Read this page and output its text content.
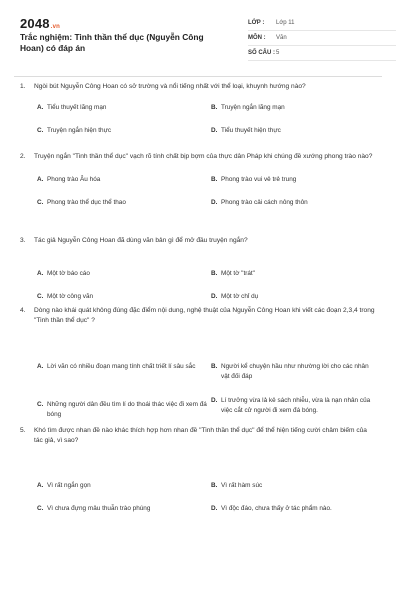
2048.vn
Trắc nghiệm: Tinh thần thể dục (Nguyễn Công Hoan) có đáp án
LỚP :	Lớp 11
MÔN :	Văn
SỐ CÂU : 5
1.	Ngòi bút Nguyễn Công Hoan có sở trường và nổi tiếng nhất với thể loại, khuynh hướng nào?
A. Tiểu thuyết lãng mạn	B. Truyện ngắn lãng mạn
C. Truyện ngắn hiện thực	D. Tiểu thuyết hiện thực
2.	Truyện ngắn "Tinh thần thể dục" vạch rõ tính chất bịp bợm của thực dân Pháp khi chúng đề xướng phong trào nào?
A. Phong trào Âu hóa	B. Phong trào vui vẻ trẻ trung
C. Phong trào thể dục thể thao	D. Phong trào cải cách nông thôn
3.	Tác giả Nguyễn Công Hoan đã dùng văn bản gì để mở đầu truyện ngắn?
A. Một tờ báo cáo	B. Một tờ "trát"
C. Một tờ công văn	D. Một tờ chỉ dụ
4.	Dòng nào khái quát không đúng đặc điểm nội dung, nghệ thuật của Nguyễn Công Hoan khi viết các đoạn 2,3,4 trong "Tinh thần thể dục" ?
A. Lời văn có nhiều đoạn mang tính chất triết lí sâu sắc	B. Người kể chuyện hầu như nhường lời cho các nhân vật đối đáp
C. Những người dân đều tìm lí do thoái thác việc đi xem đá bóng
D. Lí trưởng vừa lả kẻ sách nhiễu, vừa là nạn nhân của việc cắt cử người đi xem đá bóng.
5.	Khó tìm được nhan đề nào khác thích hợp hơn nhan đề "Tinh thần thể dục" để thể hiện tiếng cười châm biếm của tác giả, vì sao?
A. Vì rất ngắn gọn	B. Vì rất hàm súc
C. Vì chưa đựng mâu thuẫn trào phúng	D. Vì độc đáo, chưa thấy ở tác phẩm nào.
